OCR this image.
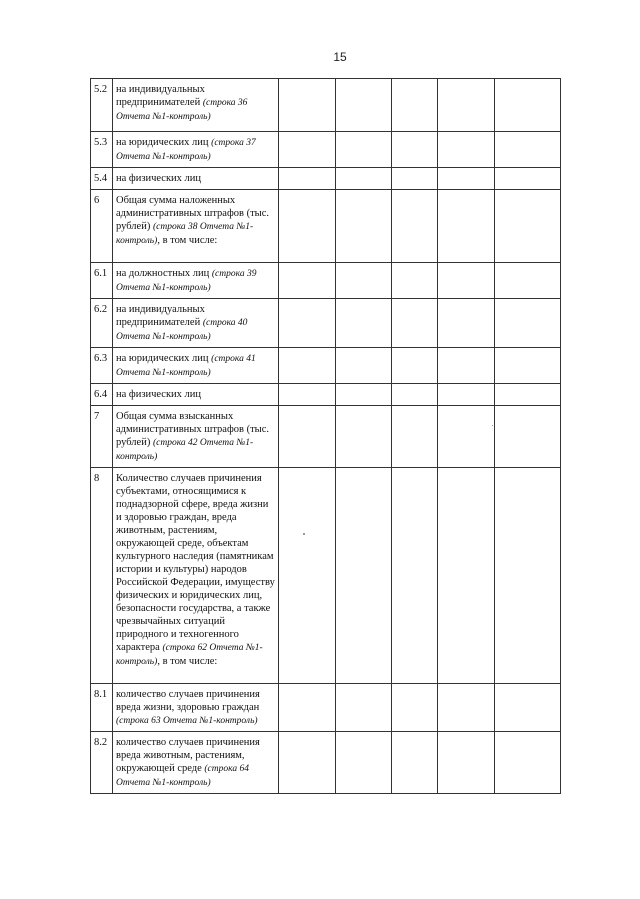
15
5.2	на индивидуальных предпринимателей (строка 36 Отчета №1-контроль)					
5.3	на юридических лиц (строка 37 Отчета №1-контроль)					
5.4	на физических лиц					
6	Общая сумма наложенных административных штрафов (тыс. рублей) (строка 38 Отчета №1-контроль), в том числе:					
6.1	на должностных лиц (строка 39 Отчета №1-контроль)					
6.2	на индивидуальных предпринимателей (строка 40 Отчета №1-контроль)					
6.3	на юридических лиц (строка 41 Отчета №1-контроль)					
6.4	на физических лиц					
7	Общая сумма взысканных административных штрафов (тыс. рублей) (строка 42 Отчета №1-контроль)					
8	Количество случаев причинения субъектами, относящимися к поднадзорной сфере, вреда жизни и здоровью граждан, вреда животным, растениям, окружающей среде, объектам культурного наследия (памятникам истории и культуры) народов Российской Федерации, имуществу физических и юридических лиц, безопасности государства, а также чрезвычайных ситуаций природного и техногенного характера (строка 62 Отчета №1-контроль), в том числе:					
8.1	количество случаев причинения вреда жизни, здоровью граждан (строка 63 Отчета №1-контроль)					
8.2	количество случаев причинения вреда животным, растениям, окружающей среде (строка 64 Отчета №1-контроль)					
